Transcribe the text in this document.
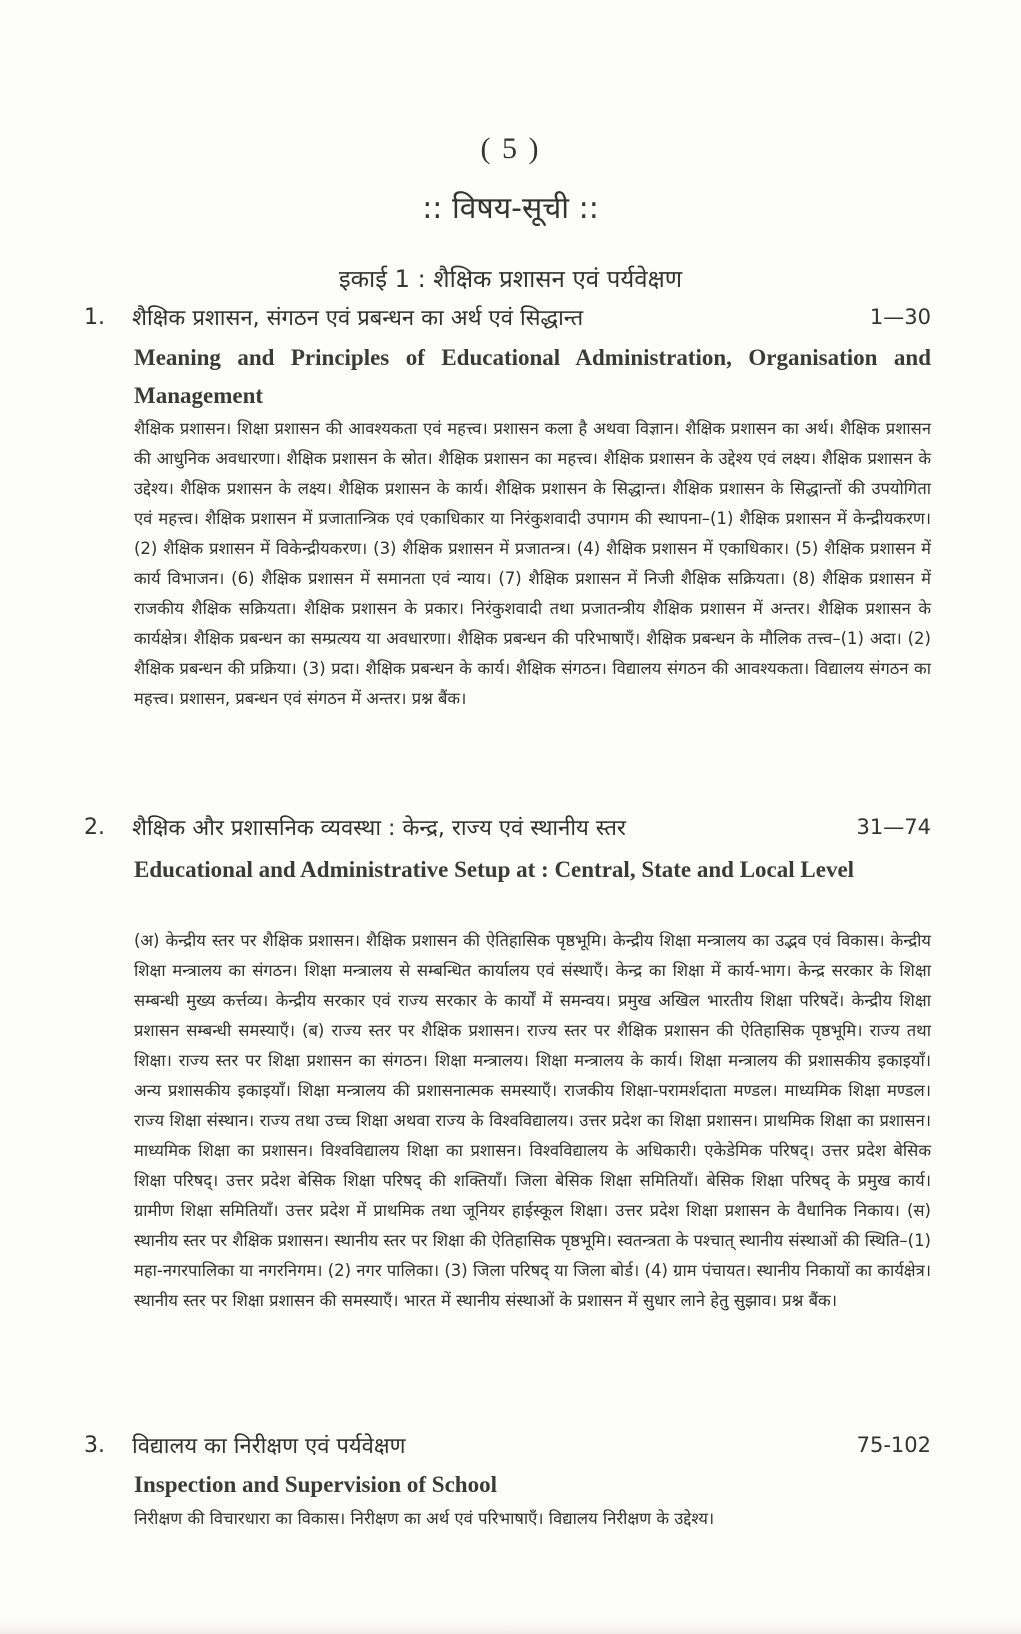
( 5 )
:: विषय-सूची ::
इकाई 1 : शैक्षिक प्रशासन एवं पर्यवेक्षण
1.	शैक्षिक प्रशासन, संगठन एवं प्रबन्धन का अर्थ एवं सिद्धान्त	1—30
Meaning and Principles of Educational Administration, Organisation and Management
शैक्षिक प्रशासन। शिक्षा प्रशासन की आवश्यकता एवं महत्त्व। प्रशासन कला है अथवा विज्ञान। शैक्षिक प्रशासन का अर्थ। शैक्षिक प्रशासन की आधुनिक अवधारणा। शैक्षिक प्रशासन के स्रोत। शैक्षिक प्रशासन का महत्त्व। शैक्षिक प्रशासन के उद्देश्य एवं लक्ष्य। शैक्षिक प्रशासन के उद्देश्य। शैक्षिक प्रशासन के लक्ष्य। शैक्षिक प्रशासन के कार्य। शैक्षिक प्रशासन के सिद्धान्त। शैक्षिक प्रशासन के सिद्धान्तों की उपयोगिता एवं महत्त्व। शैक्षिक प्रशासन में प्रजातान्त्रिक एवं एकाधिकार या निरंकुशवादी उपागम की स्थापना–(1) शैक्षिक प्रशासन में केन्द्रीयकरण। (2) शैक्षिक प्रशासन में विकेन्द्रीयकरण। (3) शैक्षिक प्रशासन में प्रजातन्त्र। (4) शैक्षिक प्रशासन में एकाधिकार। (5) शैक्षिक प्रशासन में कार्य विभाजन। (6) शैक्षिक प्रशासन में समानता एवं न्याय। (7) शैक्षिक प्रशासन में निजी शैक्षिक सक्रियता। (8) शैक्षिक प्रशासन में राजकीय शैक्षिक सक्रियता। शैक्षिक प्रशासन के प्रकार। निरंकुशवादी तथा प्रजातन्त्रीय शैक्षिक प्रशासन में अन्तर। शैक्षिक प्रशासन के कार्यक्षेत्र। शैक्षिक प्रबन्धन का सम्प्रत्यय या अवधारणा। शैक्षिक प्रबन्धन की परिभाषाएँ। शैक्षिक प्रबन्धन के मौलिक तत्त्व–(1) अदा। (2) शैक्षिक प्रबन्धन की प्रक्रिया। (3) प्रदा। शैक्षिक प्रबन्धन के कार्य। शैक्षिक संगठन। विद्यालय संगठन की आवश्यकता। विद्यालय संगठन का महत्त्व। प्रशासन, प्रबन्धन एवं संगठन में अन्तर। प्रश्न बैंक।
2.	शैक्षिक और प्रशासनिक व्यवस्था : केन्द्र, राज्य एवं स्थानीय स्तर	31—74
Educational and Administrative Setup at : Central, State and Local Level
(अ) केन्द्रीय स्तर पर शैक्षिक प्रशासन। शैक्षिक प्रशासन की ऐतिहासिक पृष्ठभूमि। केन्द्रीय शिक्षा मन्त्रालय का उद्भव एवं विकास। केन्द्रीय शिक्षा मन्त्रालय का संगठन। शिक्षा मन्त्रालय से सम्बन्धित कार्यालय एवं संस्थाएँ। केन्द्र का शिक्षा में कार्य-भाग। केन्द्र सरकार के शिक्षा सम्बन्धी मुख्य कर्त्तव्य। केन्द्रीय सरकार एवं राज्य सरकार के कार्यों में समन्वय। प्रमुख अखिल भारतीय शिक्षा परिषदें। केन्द्रीय शिक्षा प्रशासन सम्बन्धी समस्याएँ। (ब) राज्य स्तर पर शैक्षिक प्रशासन। राज्य स्तर पर शैक्षिक प्रशासन की ऐतिहासिक पृष्ठभूमि। राज्य तथा शिक्षा। राज्य स्तर पर शिक्षा प्रशासन का संगठन। शिक्षा मन्त्रालय। शिक्षा मन्त्रालय के कार्य। शिक्षा मन्त्रालय की प्रशासकीय इकाइयाँ। अन्य प्रशासकीय इकाइयाँ। शिक्षा मन्त्रालय की प्रशासनात्मक समस्याएँ। राजकीय शिक्षा-परामर्शदाता मण्डल। माध्यमिक शिक्षा मण्डल। राज्य शिक्षा संस्थान। राज्य तथा उच्च शिक्षा अथवा राज्य के विश्वविद्यालय। उत्तर प्रदेश का शिक्षा प्रशासन। प्राथमिक शिक्षा का प्रशासन। माध्यमिक शिक्षा का प्रशासन। विश्वविद्यालय शिक्षा का प्रशासन। विश्वविद्यालय के अधिकारी। एकेडेमिक परिषद्। उत्तर प्रदेश बेसिक शिक्षा परिषद्। उत्तर प्रदेश बेसिक शिक्षा परिषद् की शक्तियाँ। जिला बेसिक शिक्षा समितियाँ। बेसिक शिक्षा परिषद् के प्रमुख कार्य। ग्रामीण शिक्षा समितियाँ। उत्तर प्रदेश में प्राथमिक तथा जूनियर हाईस्कूल शिक्षा। उत्तर प्रदेश शिक्षा प्रशासन के वैधानिक निकाय। (स) स्थानीय स्तर पर शैक्षिक प्रशासन। स्थानीय स्तर पर शिक्षा की ऐतिहासिक पृष्ठभूमि। स्वतन्त्रता के पश्चात् स्थानीय संस्थाओं की स्थिति–(1) महा-नगरपालिका या नगरनिगम। (2) नगर पालिका। (3) जिला परिषद् या जिला बोर्ड। (4) ग्राम पंचायत। स्थानीय निकायों का कार्यक्षेत्र। स्थानीय स्तर पर शिक्षा प्रशासन की समस्याएँ। भारत में स्थानीय संस्थाओं के प्रशासन में सुधार लाने हेतु सुझाव। प्रश्न बैंक।
3.	विद्यालय का निरीक्षण एवं पर्यवेक्षण	75-102
Inspection and Supervision of School
निरीक्षण की विचारधारा का विकास। निरीक्षण का अर्थ एवं परिभाषाएँ। विद्यालय निरीक्षण के उद्देश्य।
